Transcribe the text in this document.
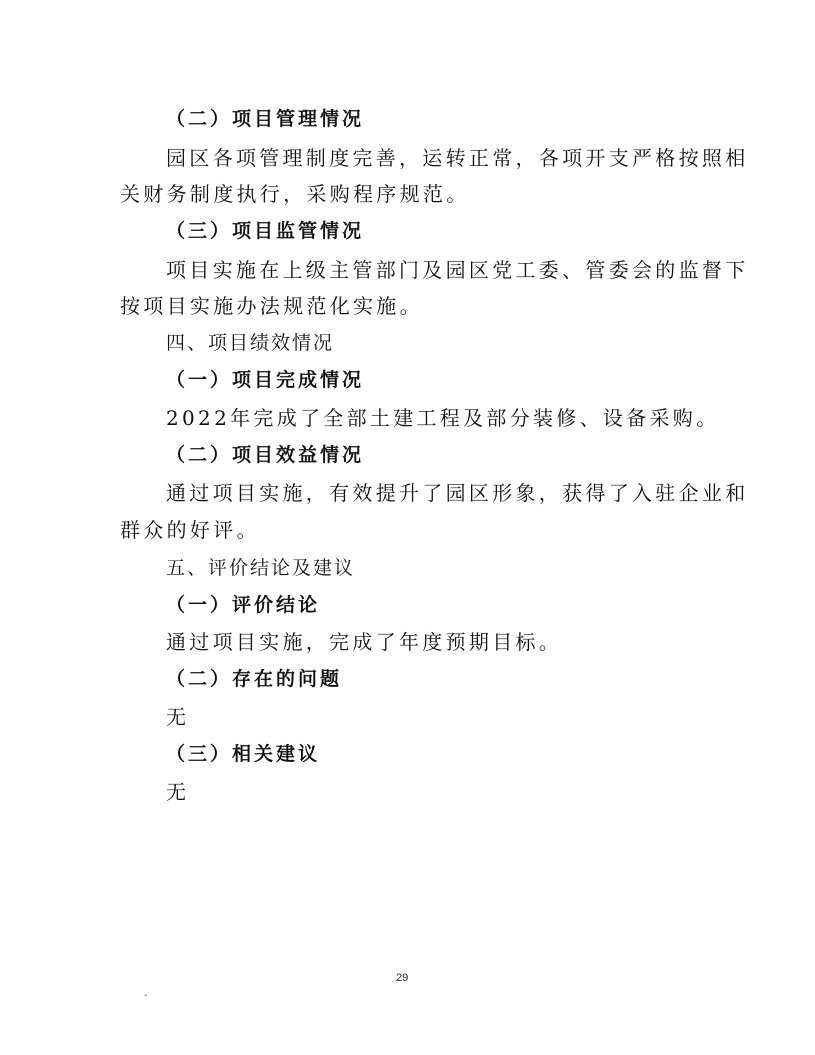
（二）项目管理情况
园区各项管理制度完善，运转正常，各项开支严格按照相
关财务制度执行，采购程序规范。
（三）项目监管情况
项目实施在上级主管部门及园区党工委、管委会的监督下
按项目实施办法规范化实施。
四、项目绩效情况
（一）项目完成情况
2022年完成了全部土建工程及部分装修、设备采购。
（二）项目效益情况
通过项目实施，有效提升了园区形象，获得了入驻企业和
群众的好评。
五、评价结论及建议
（一）评价结论
通过项目实施，完成了年度预期目标。
（二）存在的问题
无
（三）相关建议
无
29
-
